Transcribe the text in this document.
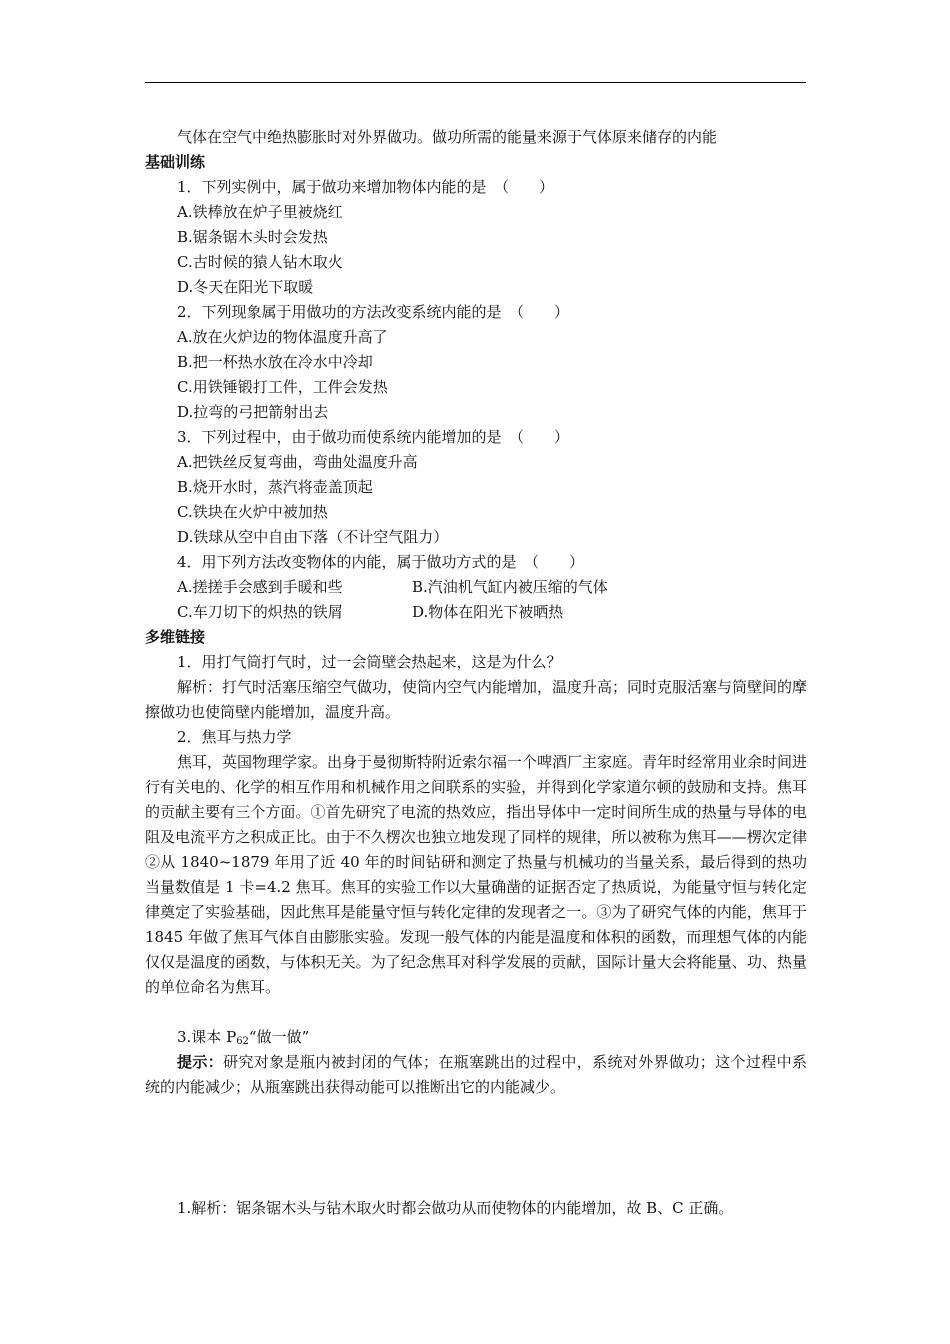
气体在空气中绝热膨胀时对外界做功。做功所需的能量来源于气体原来储存的内能
基础训练
1．下列实例中，属于做功来增加物体内能的是　（　　）
A.铁棒放在炉子里被烧红
B.锯条锯木头时会发热
C.古时候的猿人钻木取火
D.冬天在阳光下取暖
2．下列现象属于用做功的方法改变系统内能的是　（　　）
A.放在火炉边的物体温度升高了
B.把一杯热水放在冷水中冷却
C.用铁锤锻打工件，工件会发热
D.拉弯的弓把箭射出去
3．下列过程中，由于做功而使系统内能增加的是　（　　）
A.把铁丝反复弯曲，弯曲处温度升高
B.烧开水时，蒸汽将壶盖顶起
C.铁块在火炉中被加热
D.铁球从空中自由下落（不计空气阻力）
4．用下列方法改变物体的内能，属于做功方式的是　（　　）
A.搓搓手会感到手暖和些	B.汽油机气缸内被压缩的气体
C.车刀切下的炽热的铁屑	D.物体在阳光下被晒热
多维链接
1．用打气筒打气时，过一会筒壁会热起来，这是为什么？
解析：打气时活塞压缩空气做功，使筒内空气内能增加，温度升高；同时克服活塞与筒壁间的摩擦做功也使筒壁内能增加，温度升高。
2．焦耳与热力学
焦耳，英国物理学家。出身于曼彻斯特附近索尔福一个啤酒厂主家庭。青年时经常用业余时间进行有关电的、化学的相互作用和机械作用之间联系的实验，并得到化学家道尔顿的鼓励和支持。焦耳的贡献主要有三个方面。①首先研究了电流的热效应，指出导体中一定时间所生成的热量与导体的电阻及电流平方之积成正比。由于不久楞次也独立地发现了同样的规律，所以被称为焦耳——楞次定律②从 1840~1879 年用了近 40 年的时间钻研和测定了热量与机械功的当量关系，最后得到的热功当量数值是 1 卡=4.2 焦耳。焦耳的实验工作以大量确凿的证据否定了热质说，为能量守恒与转化定律奠定了实验基础，因此焦耳是能量守恒与转化定律的发现者之一。③为了研究气体的内能，焦耳于 1845 年做了焦耳气体自由膨胀实验。发现一般气体的内能是温度和体积的函数，而理想气体的内能仅仅是温度的函数，与体积无关。为了纪念焦耳对科学发展的贡献，国际计量大会将能量、功、热量的单位命名为焦耳。
3.课本 $P_{62}“$做一做”
提示：研究对象是瓶内被封闭的气体；在瓶塞跳出的过程中，系统对外界做功；这个过程中系统的内能减少；从瓶塞跳出获得动能可以推断出它的内能减少。
1.解析：锯条锯木头与钻木取火时都会做功从而使物体的内能增加，故 B、C 正确。
